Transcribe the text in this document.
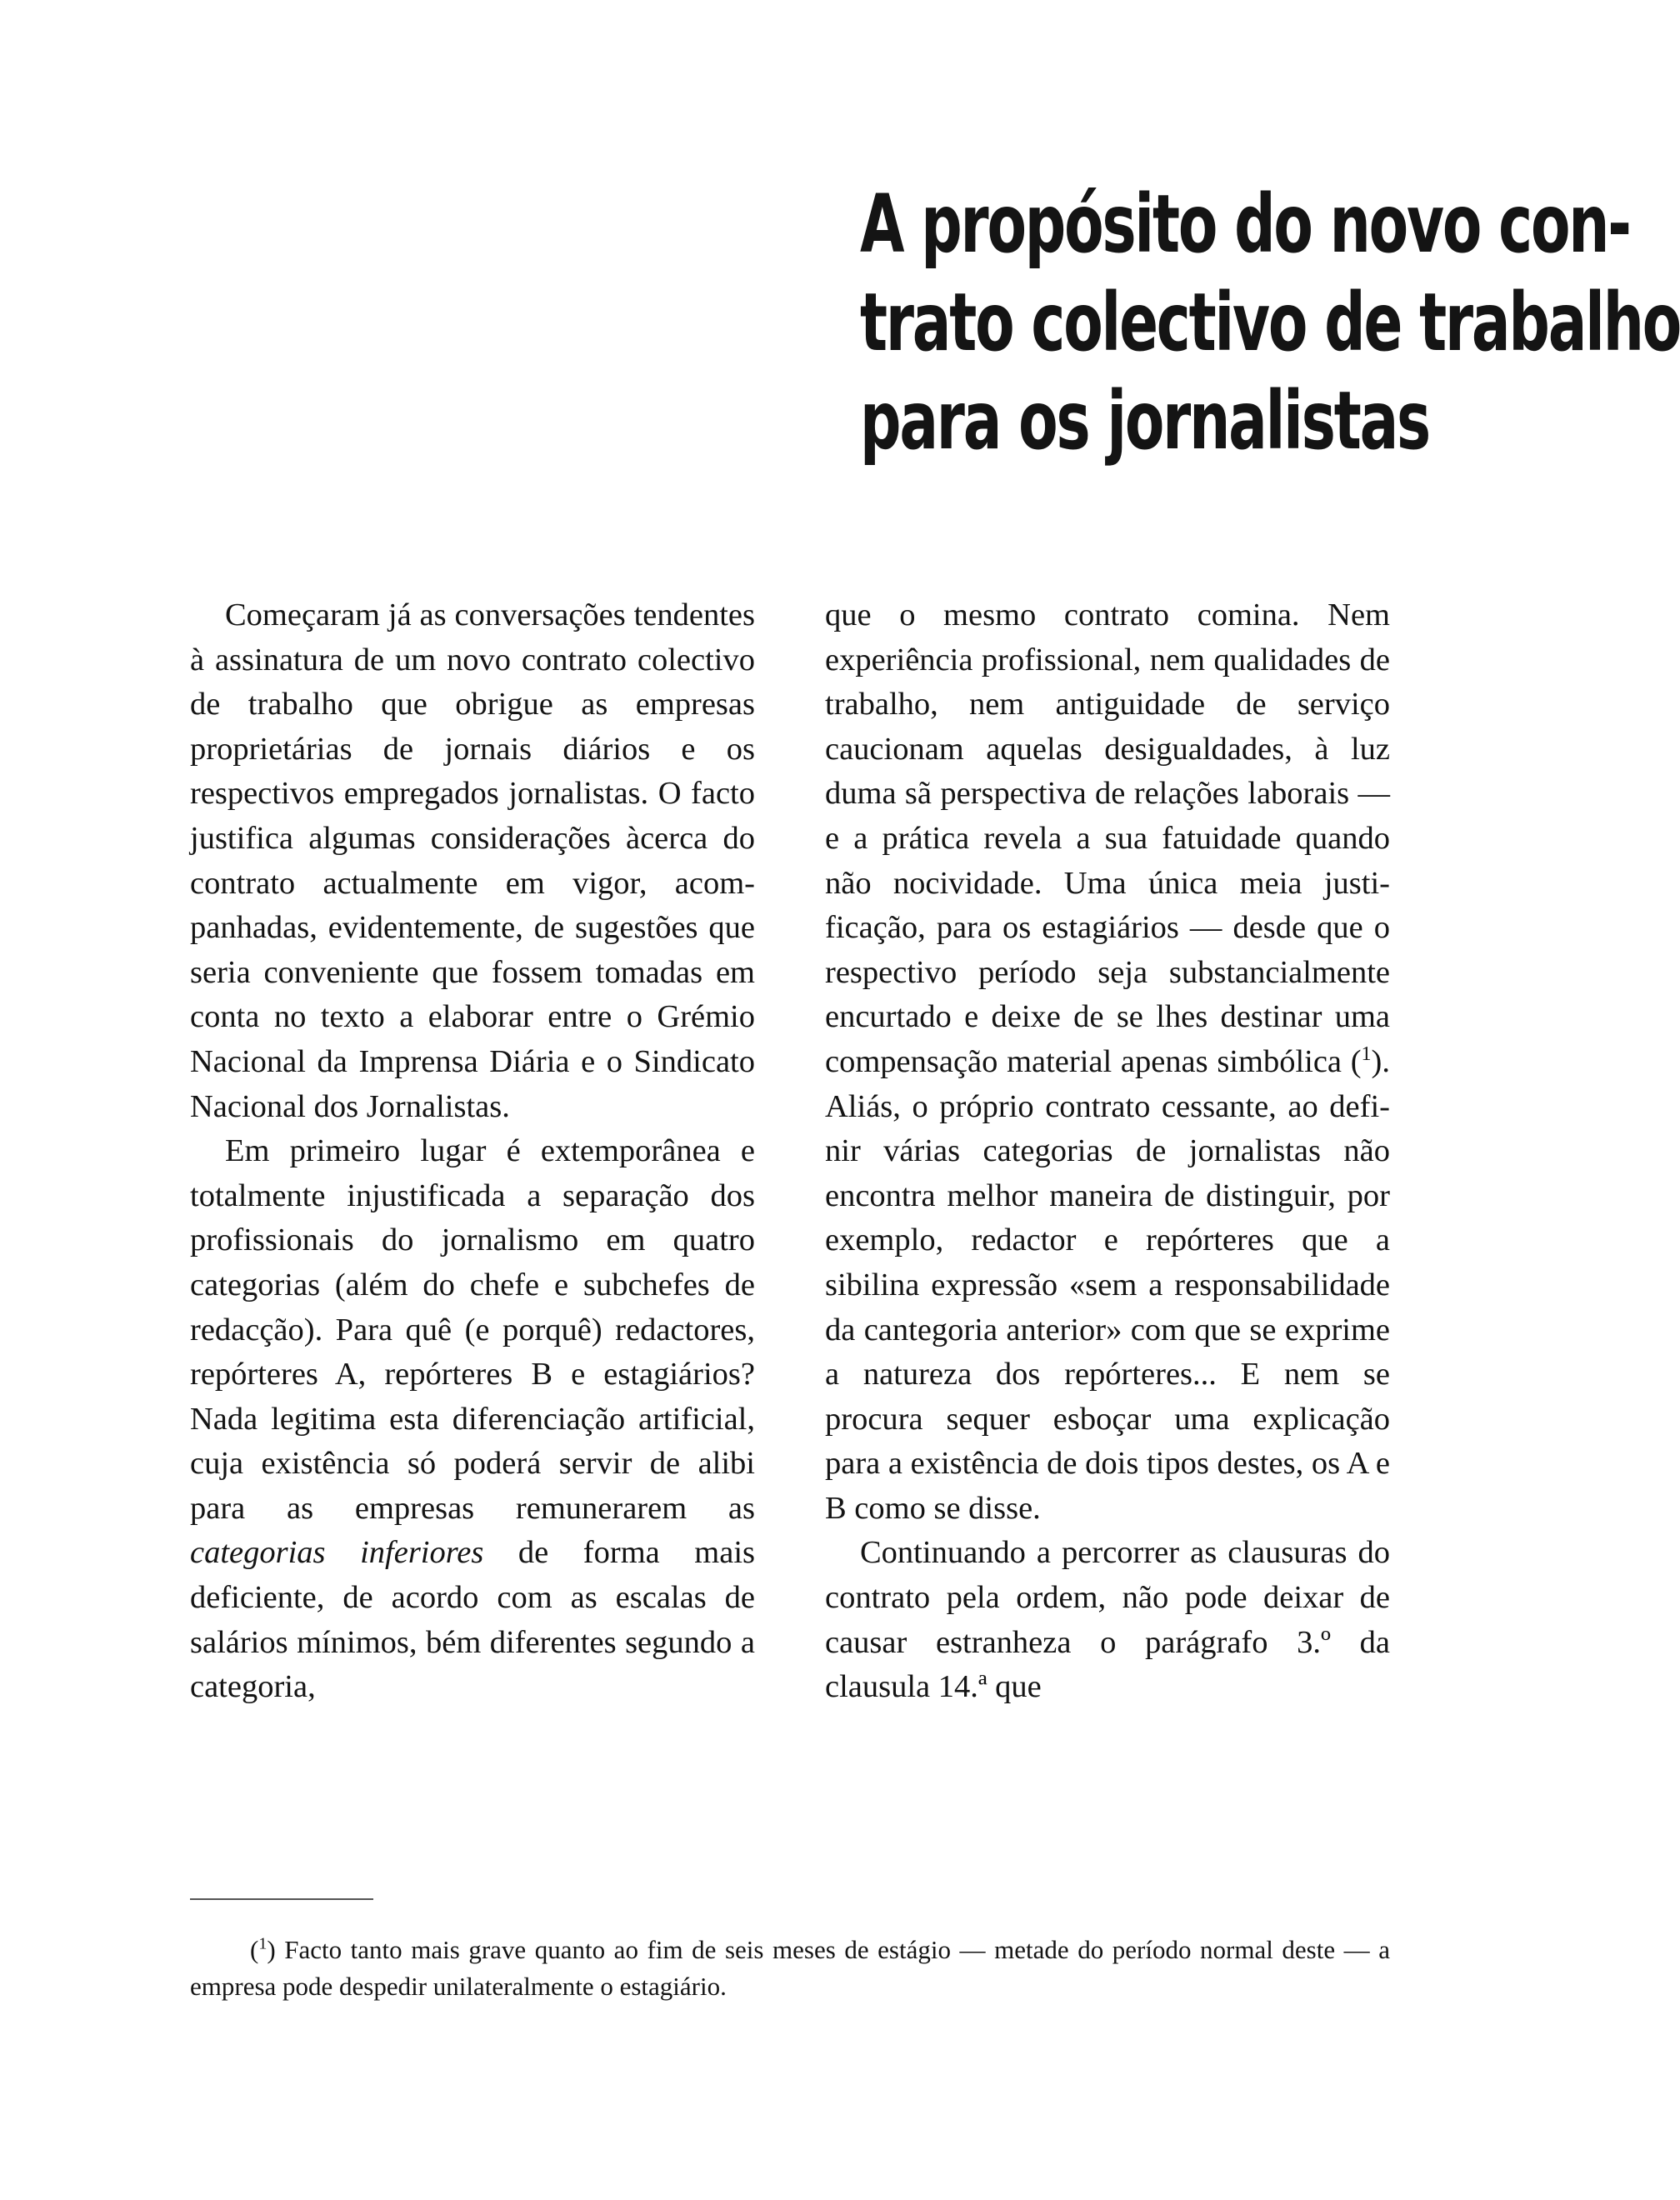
A propósito do novo con-
trato colectivo de trabalho
para os jornalistas

Começaram já as conversações tendentes à assinatura de um novo contrato colectivo de trabalho que obrigue as empresas proprietárias de jornais diários e os respectivos empregados jornalistas. O facto justifica algumas considerações àcerca do contrato actualmente em vigor, acompanhadas, evidentemente, de sugestões que seria conveniente que fossem tomadas em conta no texto a elaborar entre o Grémio Nacional da Imprensa Diária e o Sindicato Nacional dos Jornalistas.

Em primeiro lugar é extemporânea e totalmente injustificada a separação dos profissionais do jornalismo em quatro categorias (além do chefe e subchefes de redacção). Para quê (e porquê) redactores, repórteres A, repórteres B e estagiários? Nada legitima esta diferenciação artificial, cuja existência só poderá servir de alibi para as empresas remunerarem as categorias inferiores de forma mais deficiente, de acordo com as escalas de salários mínimos, bém diferentes segundo a categoria,

que o mesmo contrato comina. Nem experiência profissional, nem qualidades de trabalho, nem antiguidade de serviço caucionam aquelas desigualdades, à luz duma sã perspectiva de relações laborais — e a prática revela a sua fatuidade quando não nocividade. Uma única meia justificação, para os estagiários — desde que o respectivo período seja substancialmente encurtado e deixe de se lhes destinar uma compensação material apenas simbólica ($^1$). Aliás, o próprio contrato cessante, ao definir várias categorias de jornalistas não encontra melhor maneira de distinguir, por exemplo, redactor e repórteres que a sibilina expressão «sem a responsabilidade da cantegoria anterior» com que se exprime a natureza dos repórteres... E nem se procura sequer esboçar uma explicação para a existência de dois tipos destes, os A e B como se disse.

Continuando a percorrer as clausuras do contrato pela ordem, não pode deixar de causar estranheza o parágrafo 3.º da clausula 14.ª que

($^1$) Facto tanto mais grave quanto ao fim de seis meses de estágio — metade do período normal deste — a empresa pode despedir unilateralmente o estagiário.
